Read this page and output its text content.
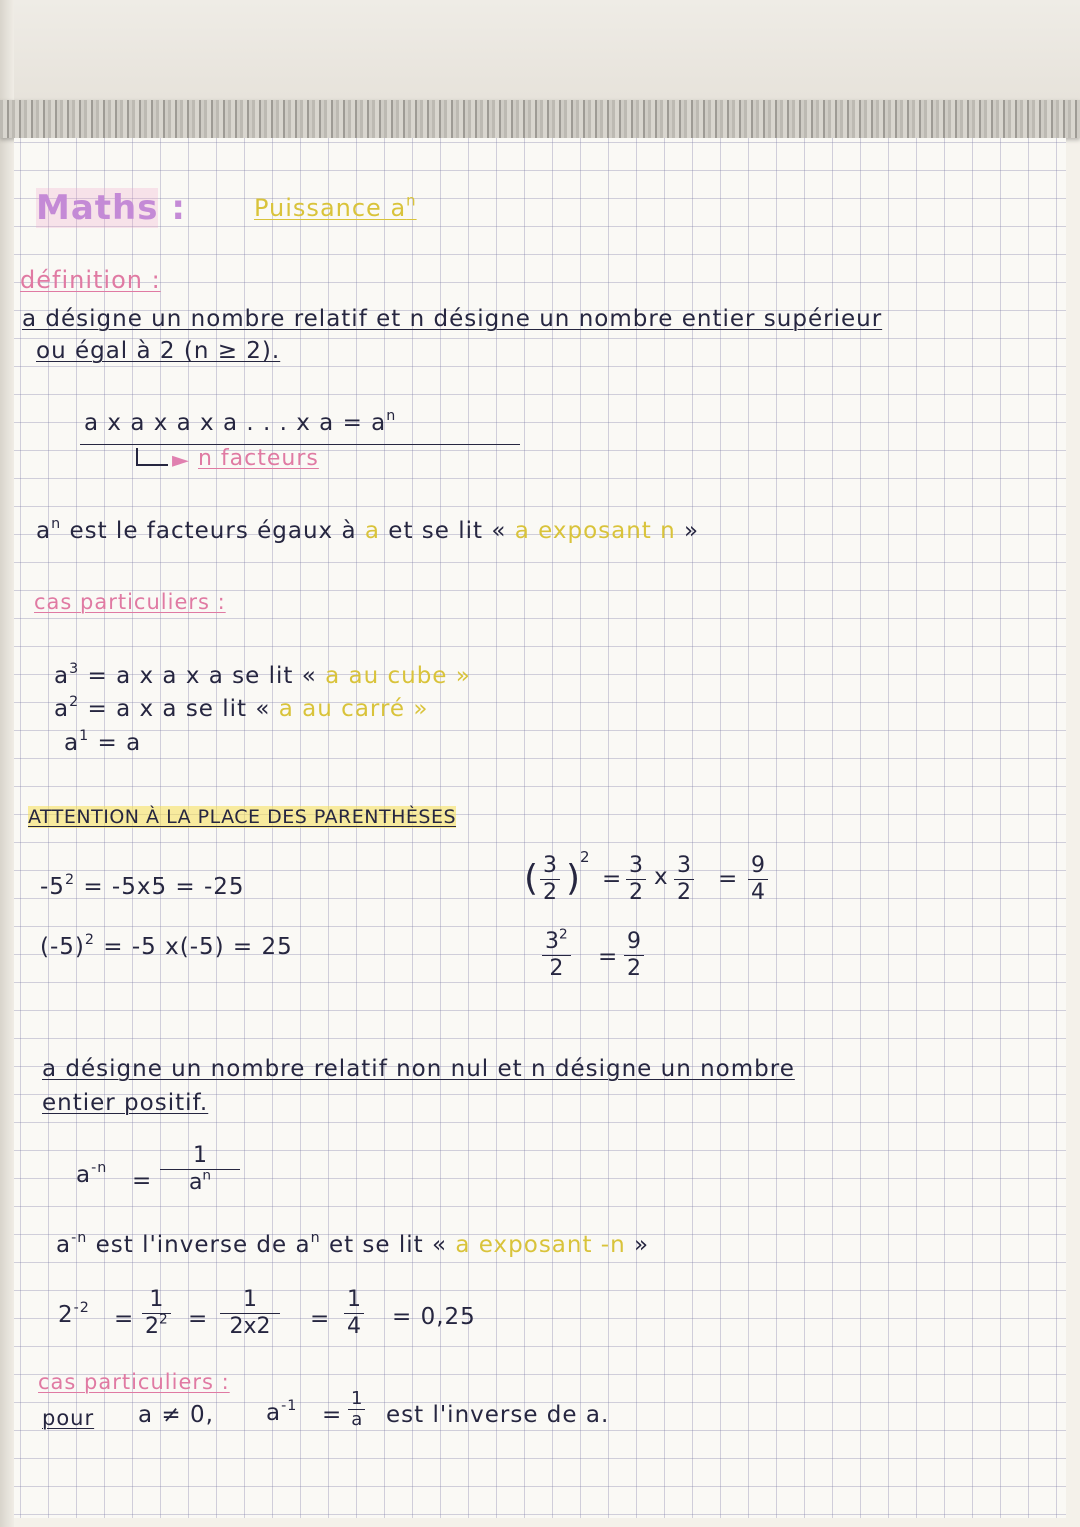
Maths :	Puissance $a^n$
définition :
a désigne un nombre relatif et n désigne un nombre entier supérieur
ou égal à 2 (n ≥ 2).
a x a x a x a . . . x $a = a^n$
► n facteurs
$a^n$ est le facteurs égaux à a et se lit « a exposant n »
cas particuliers :
$a^3 = a$ x a x a se lit « a au cube »
$a^2 = a$ x a se lit « a au carré »
$a^1 = a$
ATTENTION À LA PLACE DES PARENTHÈSES
$-5^2 = -5x5 = -25$
$(-5)^2 = -5$ x(-5) = 25
( 3
2 )
2
=
3
2
x 3
2
=
9
4
$3^2$
2 =
9
2
a désigne un nombre relatif non nul et n désigne un nombre
entier positif.
$a^{-n}$ =
1
$a^n$
$a^{-n}$ est l'inverse de $a^n$ et se lit « a exposant -n »
$2^{-2}$ =
1
$2^2$ =
1
2x2 =
1
4 = 0,25
cas particuliers :
pour a ≠ 0, $a^{-1}$ =
1
a est l'inverse de a.
